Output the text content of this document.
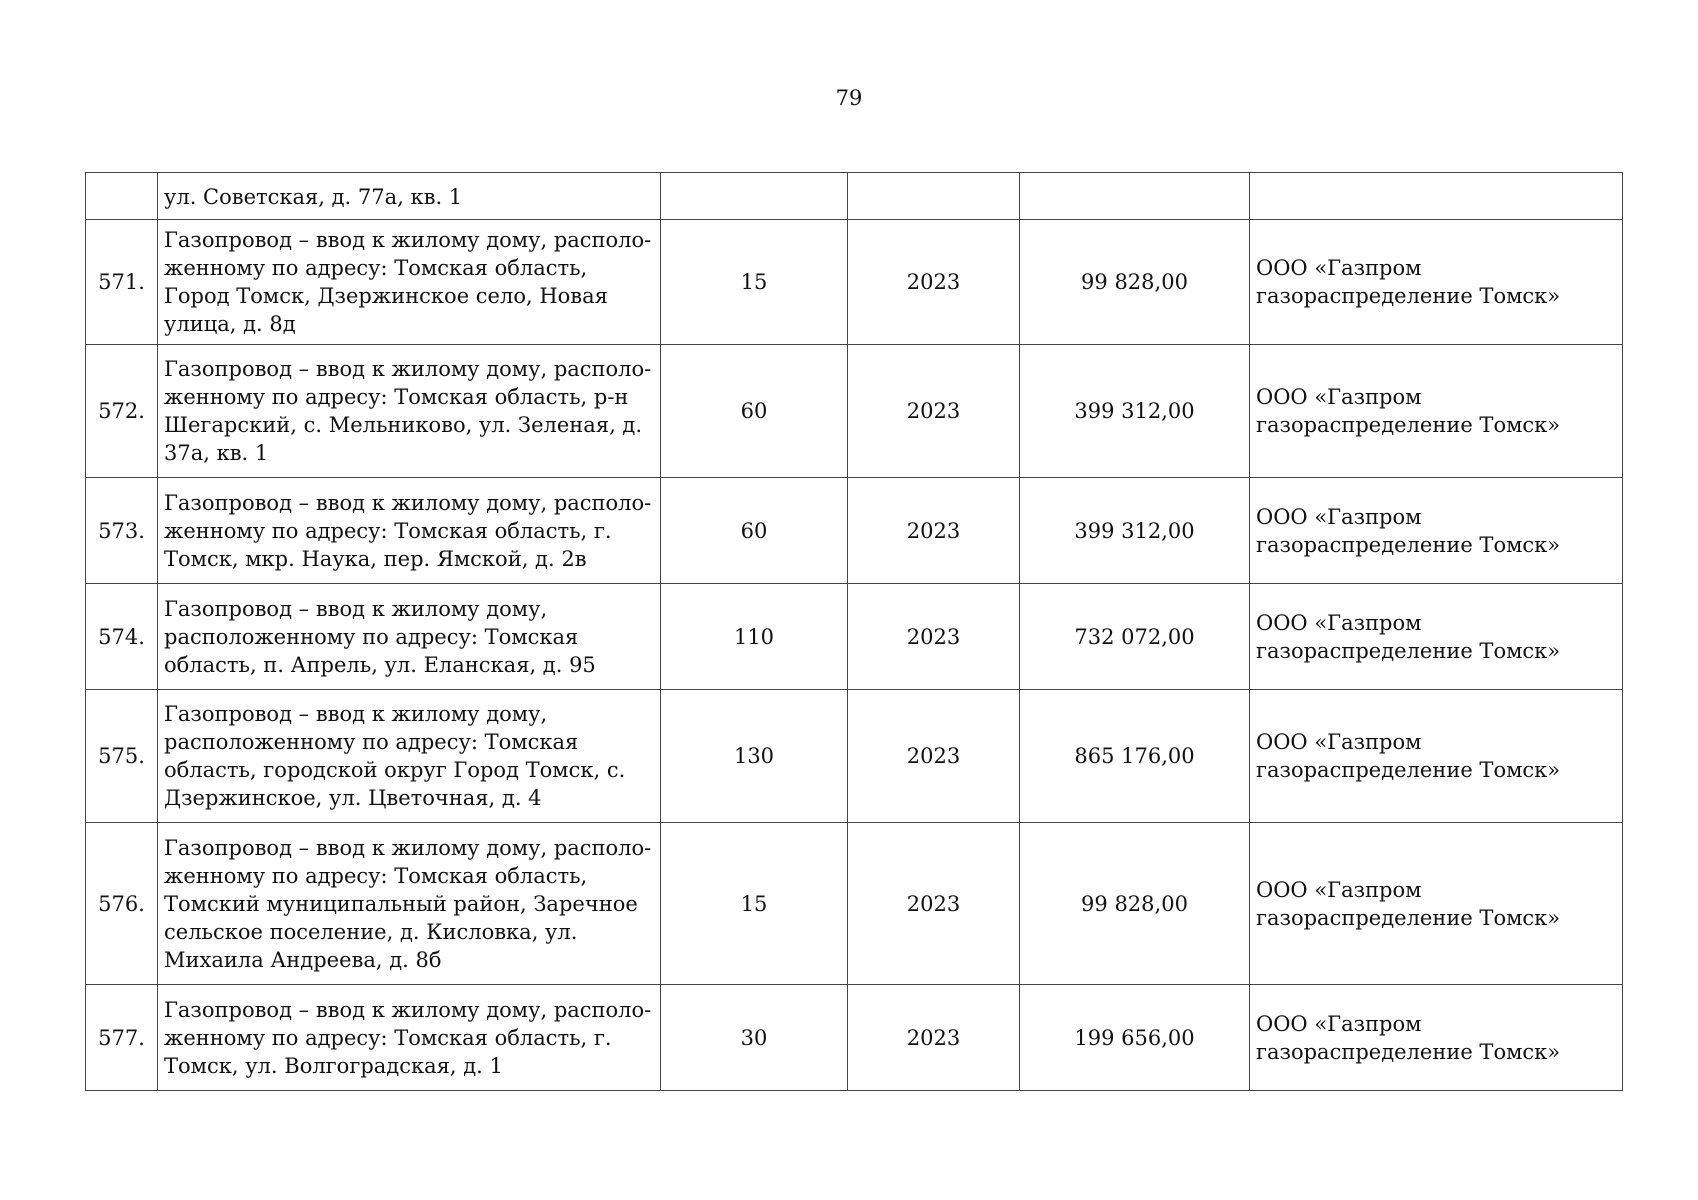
79
	ул. Советская, д. 77а, кв. 1				
571.	Газопровод – ввод к жилому дому, располо-женному по адресу: Томская область, Город Томск, Дзержинское село, Новая улица, д. 8д	15	2023	99 828,00	ООО «Газпром газораспределение Томск»
572.	Газопровод – ввод к жилому дому, располо-женному по адресу: Томская область, р-н Шегарский, с. Мельниково, ул. Зеленая, д. 37а, кв. 1	60	2023	399 312,00	ООО «Газпром газораспределение Томск»
573.	Газопровод – ввод к жилому дому, располо-женному по адресу: Томская область, г. Томск, мкр. Наука, пер. Ямской, д. 2в	60	2023	399 312,00	ООО «Газпром газораспределение Томск»
574.	Газопровод – ввод к жилому дому, расположенному по адресу: Томская область, п. Апрель, ул. Еланская, д. 95	110	2023	732 072,00	ООО «Газпром газораспределение Томск»
575.	Газопровод – ввод к жилому дому, расположенному по адресу: Томская область, городской округ Город Томск, с. Дзержинское, ул. Цветочная, д. 4	130	2023	865 176,00	ООО «Газпром газораспределение Томск»
576.	Газопровод – ввод к жилому дому, располо-женному по адресу: Томская область, Томский муниципальный район, Заречное сельское поселение, д. Кисловка, ул. Михаила Андреева, д. 8б	15	2023	99 828,00	ООО «Газпром газораспределение Томск»
577.	Газопровод – ввод к жилому дому, располо-женному по адресу: Томская область, г. Томск, ул. Волгоградская, д. 1	30	2023	199 656,00	ООО «Газпром газораспределение Томск»
